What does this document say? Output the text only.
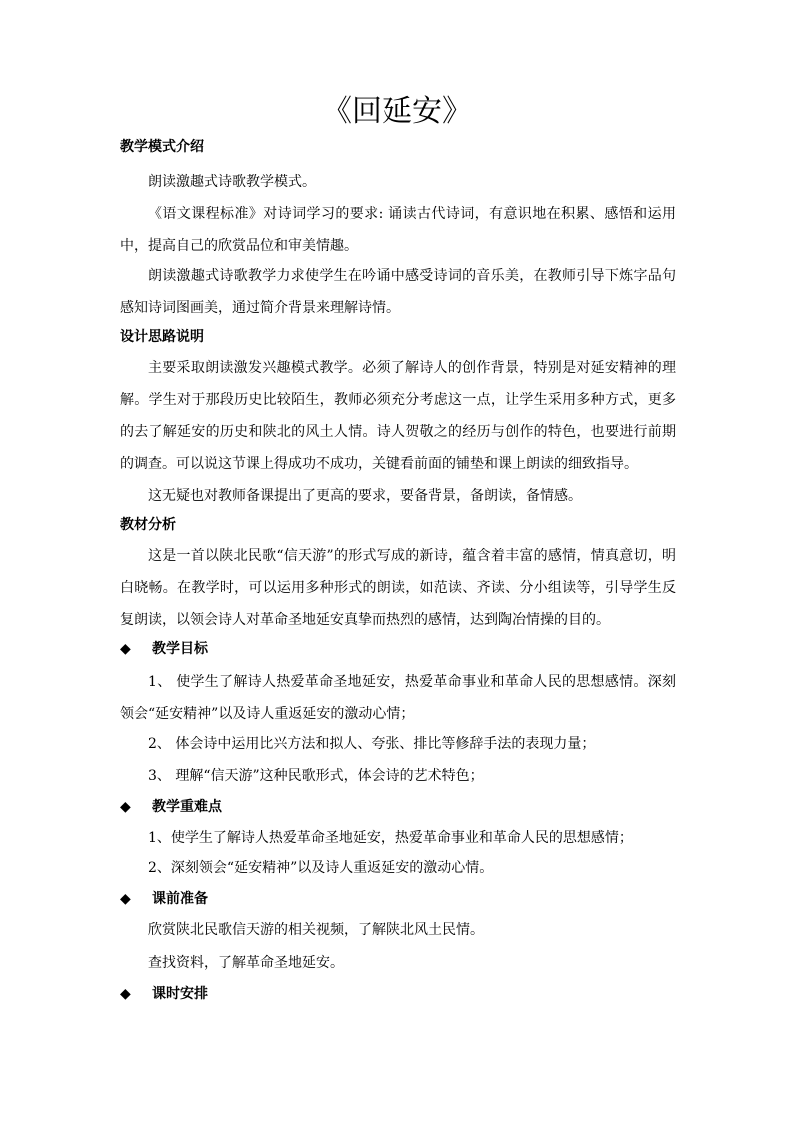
《回延安》
教学模式介绍

朗读激趣式诗歌教学模式。

《语文课程标准》对诗词学习的要求: 诵读古代诗词，有意识地在积累、感悟和运用中，提高自己的欣赏品位和审美情趣。

朗读激趣式诗歌教学力求使学生在吟诵中感受诗词的音乐美，在教师引导下炼字品句感知诗词图画美，通过简介背景来理解诗情。

设计思路说明

主要采取朗读激发兴趣模式教学。必须了解诗人的创作背景，特别是对延安精神的理解。学生对于那段历史比较陌生，教师必须充分考虑这一点，让学生采用多种方式，更多的去了解延安的历史和陕北的风土人情。诗人贺敬之的经历与创作的特色，也要进行前期的调查。可以说这节课上得成功不成功，关键看前面的铺垫和课上朗读的细致指导。

这无疑也对教师备课提出了更高的要求，要备背景，备朗读，备情感。

教材分析

这是一首以陕北民歌“信天游”的形式写成的新诗，蕴含着丰富的感情，情真意切，明白晓畅。在教学时，可以运用多种形式的朗读，如范读、齐读、分小组读等，引导学生反复朗读，以领会诗人对革命圣地延安真挚而热烈的感情，达到陶冶情操的目的。

◆ 教学目标

1、 使学生了解诗人热爱革命圣地延安，热爱革命事业和革命人民的思想感情。深刻领会“延安精神”以及诗人重返延安的激动心情；

2、 体会诗中运用比兴方法和拟人、夸张、排比等修辞手法的表现力量；

3、 理解“信天游”这种民歌形式，体会诗的艺术特色；

◆ 教学重难点

1、使学生了解诗人热爱革命圣地延安，热爱革命事业和革命人民的思想感情；

2、深刻领会“延安精神”以及诗人重返延安的激动心情。

◆ 课前准备

欣赏陕北民歌信天游的相关视频，了解陕北风土民情。

查找资料，了解革命圣地延安。

◆ 课时安排
